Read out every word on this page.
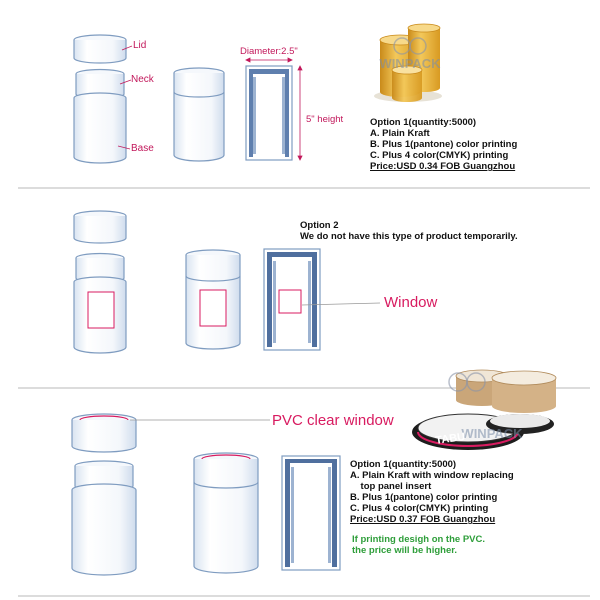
WINPACK
WINPACK
TABU

Lid

Neck

Base

Diameter:2.5"

5" height	Option 1(quantity:5000)

A. Plain Kraft

B. Plus 1(pantone) color printing

C. Plus 4 color(CMYK) printing

Price:USD 0.34 FOB Guangzhou

Option 2

We do not have this type of product temporarily.

Window

PVC clear window

Option 1(quantity:5000)

A. Plain Kraft with window replacing

top panel insert

B. Plus 1(pantone) color printing

C. Plus 4 color(CMYK) printing

Price:USD 0.37 FOB Guangzhou

If printing desigh on the PVC.

the price will be higher.
